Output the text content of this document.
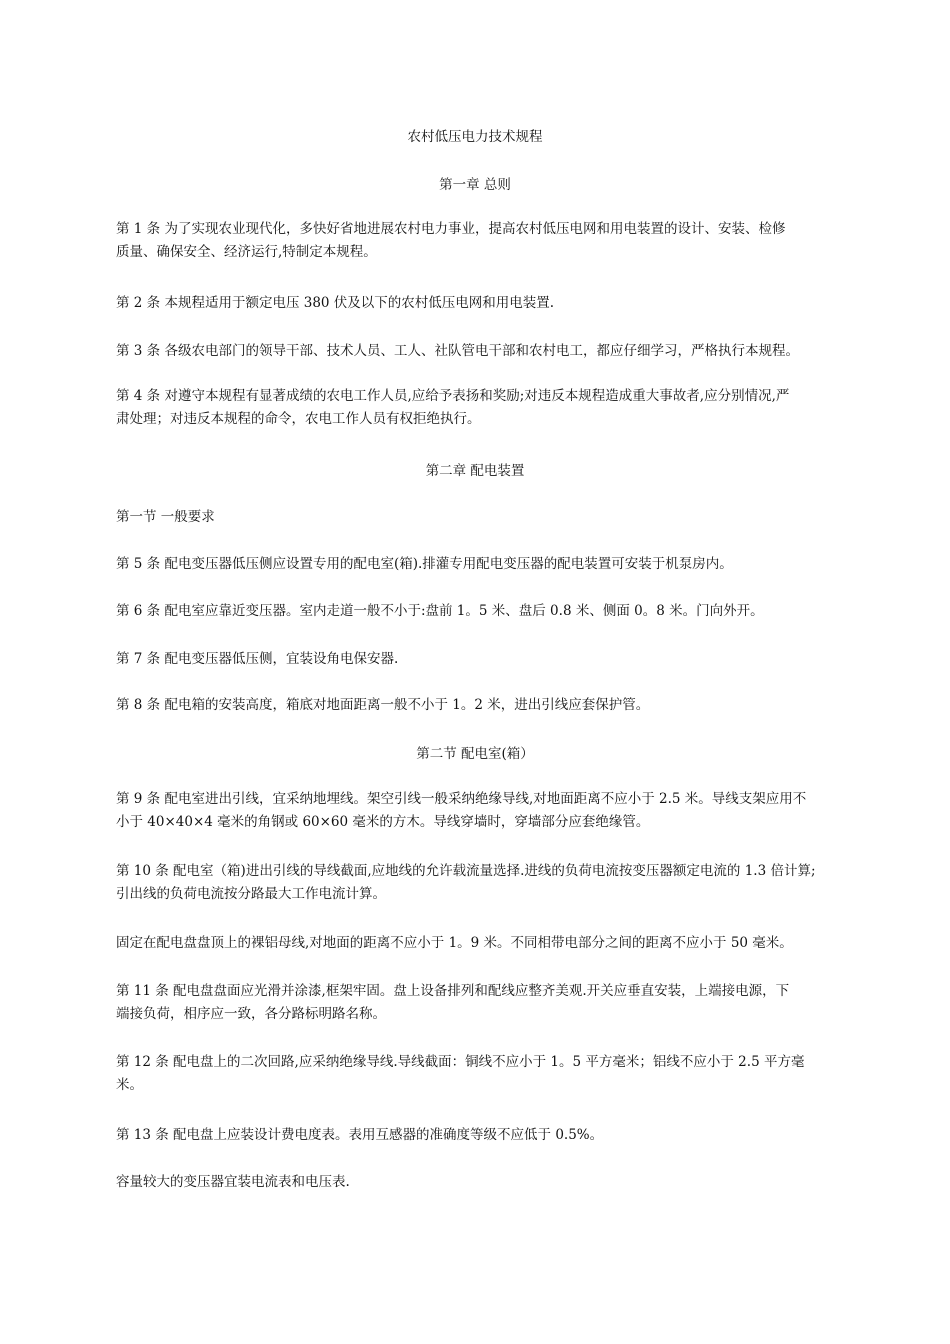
农村低压电力技术规程
第一章 总则
第 1 条 为了实现农业现代化，多快好省地进展农村电力事业，提高农村低压电网和用电装置的设计、安装、检修
质量、确保安全、经济运行,特制定本规程。
第 2 条 本规程适用于额定电压 380 伏及以下的农村低压电网和用电装置.
第 3 条 各级农电部门的领导干部、技术人员、工人、社队管电干部和农村电工，都应仔细学习，严格执行本规程。
第 4 条 对遵守本规程有显著成绩的农电工作人员,应给予表扬和奖励;对违反本规程造成重大事故者,应分别情况,严
肃处理；对违反本规程的命令，农电工作人员有权拒绝执行。
第二章 配电装置
第一节 一般要求
第 5 条 配电变压器低压侧应设置专用的配电室(箱).排灌专用配电变压器的配电装置可安装于机泵房内。
第 6 条 配电室应靠近变压器。室内走道一般不小于:盘前 1。5 米、盘后 0.8 米、侧面 0。8 米。门向外开。
第 7 条 配电变压器低压侧，宜装设角电保安器.
第 8 条 配电箱的安装高度，箱底对地面距离一般不小于 1。2 米，进出引线应套保护管。
第二节 配电室(箱）
第 9 条 配电室进出引线，宜采纳地埋线。架空引线一般采纳绝缘导线,对地面距离不应小于 2.5 米。导线支架应用不
小于 40×40×4 毫米的角钢或 60×60 毫米的方木。导线穿墙时，穿墙部分应套绝缘管。
第 10 条 配电室（箱)进出引线的导线截面,应地线的允许载流量选择.进线的负荷电流按变压器额定电流的 1.3 倍计算;
引出线的负荷电流按分路最大工作电流计算。
固定在配电盘盘顶上的裸铝母线,对地面的距离不应小于 1。9 米。不同相带电部分之间的距离不应小于 50 毫米。
第 11 条 配电盘盘面应光滑并涂漆,框架牢固。盘上设备排列和配线应整齐美观.开关应垂直安装，上端接电源，下
端接负荷，相序应一致，各分路标明路名称。
第 12 条 配电盘上的二次回路,应采纳绝缘导线.导线截面：铜线不应小于 1。5 平方毫米；铝线不应小于 2.5 平方毫
米。
第 13 条 配电盘上应装设计费电度表。表用互感器的准确度等级不应低于 0.5%。
容量较大的变压器宜装电流表和电压表.
